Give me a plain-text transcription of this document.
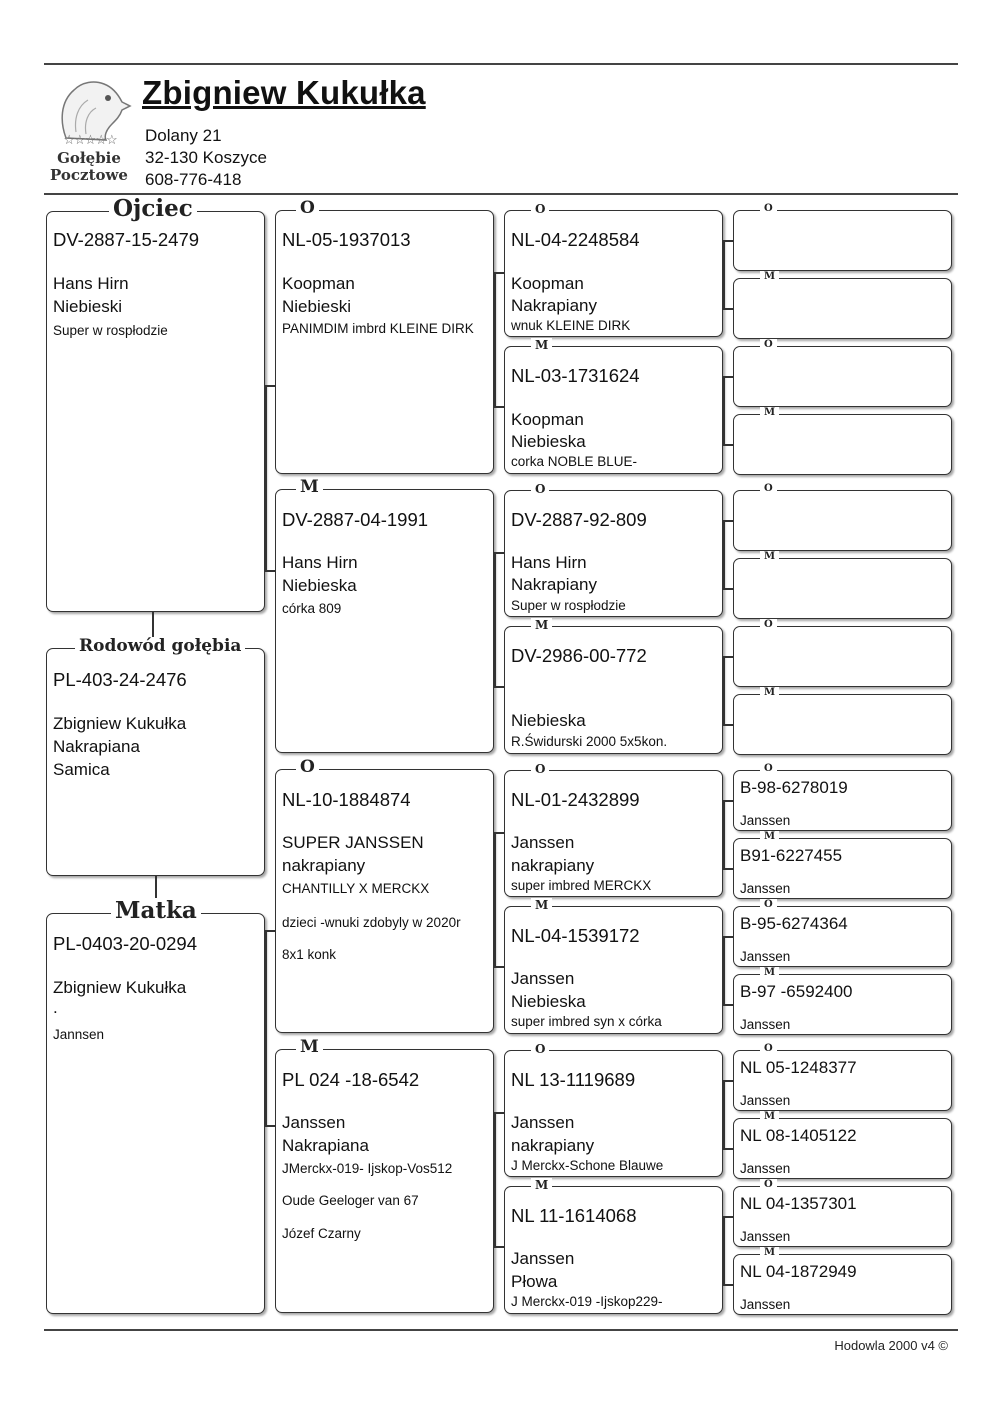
☆☆☆☆☆
Gołębie
Pocztowe
Zbigniew Kukułka
Dolany 21
32-130 Koszyce
608-776-418
Ojciec
DV-2887-15-2479
Hans Hirn
Niebieski
Super w rospłodzie
Rodowód gołębia
PL-403-24-2476
Zbigniew Kukułka
Nakrapiana
Samica
Matka
PL-0403-20-0294
Zbigniew Kukułka
.
Jannsen
O
NL-05-1937013
Koopman
Niebieski
PANIMDIM imbrd KLEINE DIRK
M
DV-2887-04-1991
Hans Hirn
Niebieska
córka 809
O
NL-10-1884874
SUPER JANSSEN
nakrapiany
CHANTILLY X MERCKX
dzieci -wnuki zdobyly w 2020r
8x1 konk
M
PL 024 -18-6542
Janssen
Nakrapiana
JMerckx-019- Ijskop-Vos512
Oude Geeloger van 67
Józef Czarny
O
NL-04-2248584
Koopman
Nakrapiany
wnuk KLEINE DIRK
M
NL-03-1731624
Koopman
Niebieska
corka NOBLE BLUE-
O
DV-2887-92-809
Hans Hirn
Nakrapiany
Super w rospłodzie
M
DV-2986-00-772
Niebieska
R.Świdurski 2000 5x5kon.
O
NL-01-2432899
Janssen
nakrapiany
super imbred MERCKX
M
NL-04-1539172
Janssen
Niebieska
super imbred syn x córka
O
NL 13-1119689
Janssen
nakrapiany
J Merckx-Schone Blauwe
M
NL 11-1614068
Janssen
Płowa
J Merckx-019 -Ijskop229-
O
M
O
M
O
M
O
M
O
B-98-6278019
Janssen
M
B91-6227455
Janssen
O
B-95-6274364
Janssen
M
B-97 -6592400
Janssen
O
NL 05-1248377
Janssen
M
NL 08-1405122
Janssen
O
NL 04-1357301
Janssen
M
NL 04-1872949
Janssen
Hodowla 2000 v4 ©
